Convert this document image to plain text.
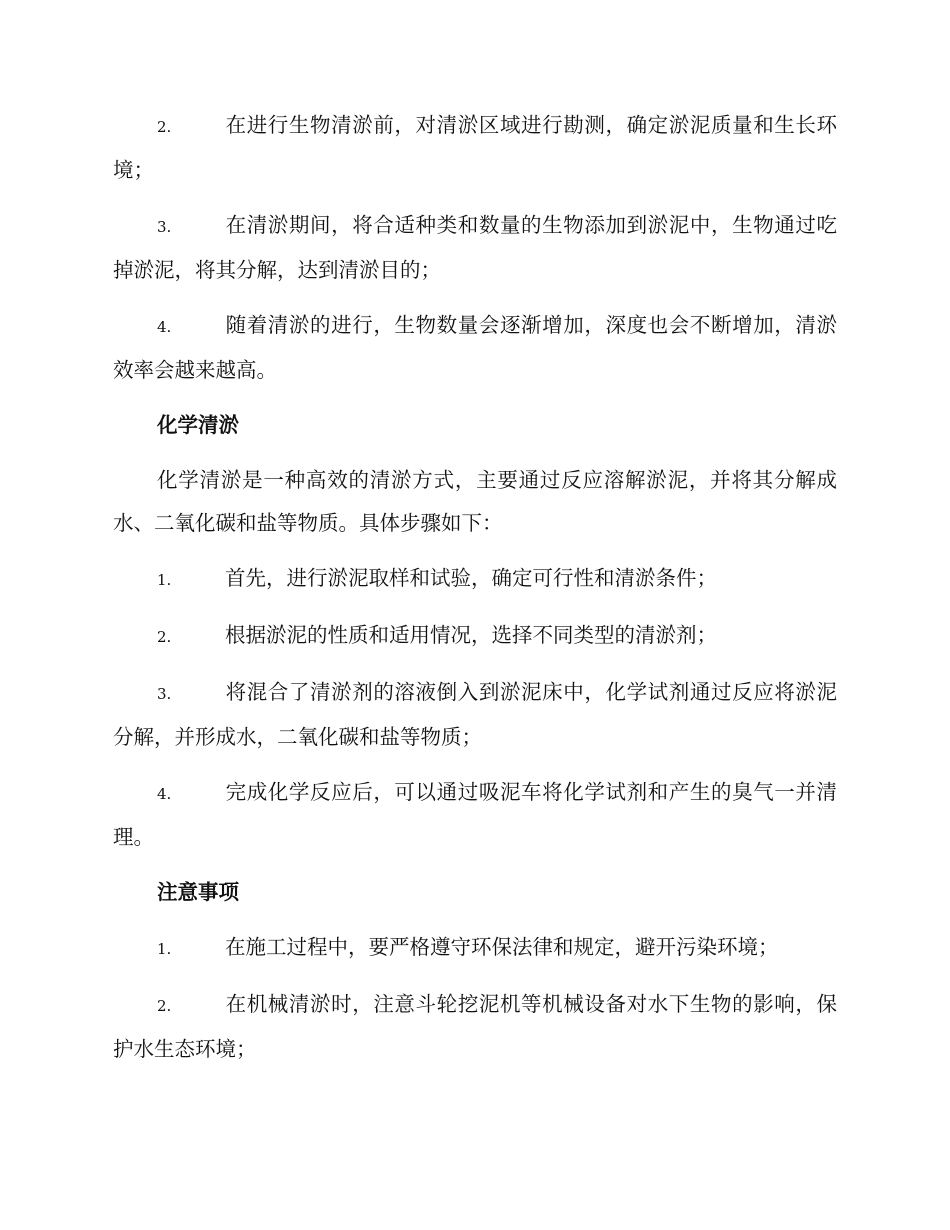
2.	在进行生物清淤前，对清淤区域进行勘测，确定淤泥质量和生长环境；

3.	在清淤期间，将合适种类和数量的生物添加到淤泥中，生物通过吃掉淤泥，将其分解，达到清淤目的；

4.	随着清淤的进行，生物数量会逐渐增加，深度也会不断增加，清淤效率会越来越高。

化学清淤

化学清淤是一种高效的清淤方式，主要通过反应溶解淤泥，并将其分解成水、二氧化碳和盐等物质。具体步骤如下：

1.	首先，进行淤泥取样和试验，确定可行性和清淤条件；

2.	根据淤泥的性质和适用情况，选择不同类型的清淤剂；

3.	将混合了清淤剂的溶液倒入到淤泥床中，化学试剂通过反应将淤泥分解，并形成水，二氧化碳和盐等物质；

4.	完成化学反应后，可以通过吸泥车将化学试剂和产生的臭气一并清理。

注意事项

1.	在施工过程中，要严格遵守环保法律和规定，避开污染环境；

2.	在机械清淤时，注意斗轮挖泥机等机械设备对水下生物的影响，保护水生态环境；
